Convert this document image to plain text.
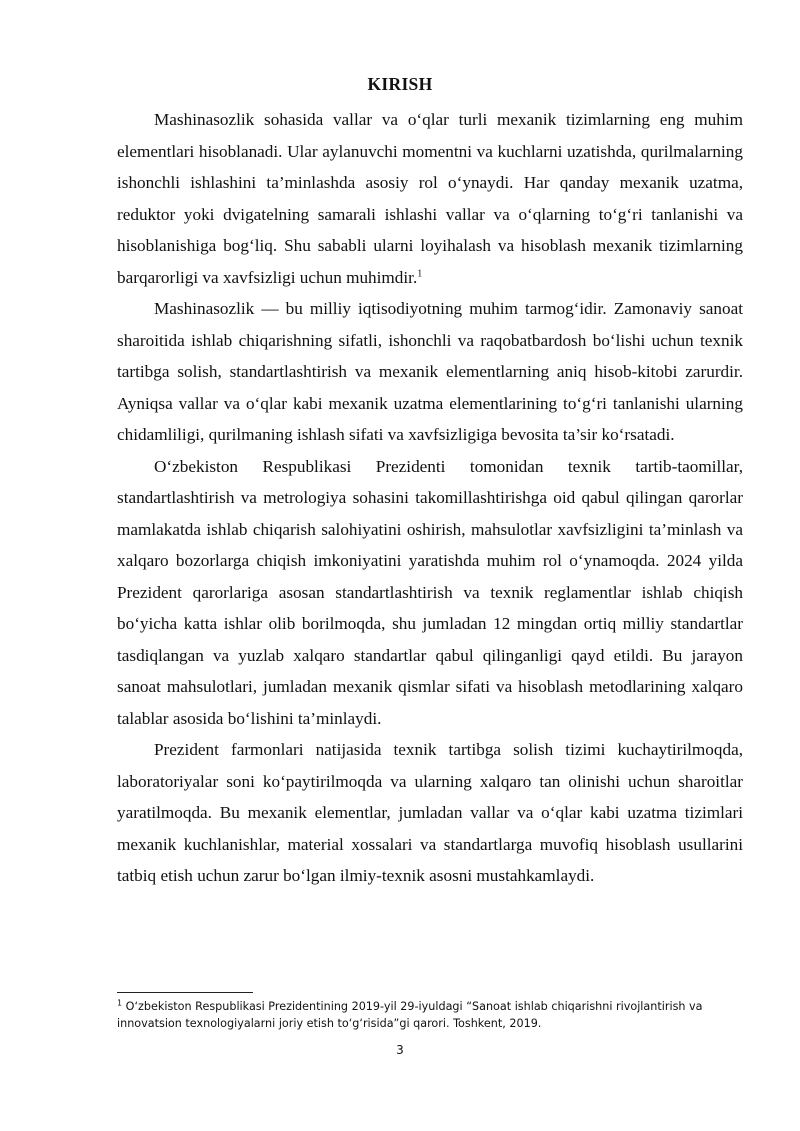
KIRISH

Mashinasozlik sohasida vallar va o‘qlar turli mexanik tizimlarning eng muhim elementlari hisoblanadi. Ular aylanuvchi momentni va kuchlarni uzatishda, qurilmalarning ishonchli ishlashini ta’minlashda asosiy rol o‘ynaydi. Har qanday mexanik uzatma, reduktor yoki dvigatelning samarali ishlashi vallar va o‘qlarning to‘g‘ri tanlanishi va hisoblanishiga bog‘liq. Shu sababli ularni loyihalash va hisoblash mexanik tizimlarning barqarorligi va xavfsizligi uchun muhimdir.$^1$

Mashinasozlik — bu milliy iqtisodiyotning muhim tarmog‘idir. Zamonaviy sanoat sharoitida ishlab chiqarishning sifatli, ishonchli va raqobatbardosh bo‘lishi uchun texnik tartibga solish, standartlashtirish va mexanik elementlarning aniq hisob-kitobi zarurdir. Ayniqsa vallar va o‘qlar kabi mexanik uzatma elementlarining to‘g‘ri tanlanishi ularning chidamliligi, qurilmaning ishlash sifati va xavfsizligiga bevosita ta’sir ko‘rsatadi.

O‘zbekiston Respublikasi Prezidenti tomonidan texnik tartib-taomillar, standartlashtirish va metrologiya sohasini takomillashtirishga oid qabul qilingan qarorlar mamlakatda ishlab chiqarish salohiyatini oshirish, mahsulotlar xavfsizligini ta’minlash va xalqaro bozorlarga chiqish imkoniyatini yaratishda muhim rol o‘ynamoqda. 2024 yilda Prezident qarorlariga asosan standartlashtirish va texnik reglamentlar ishlab chiqish bo‘yicha katta ishlar olib borilmoqda, shu jumladan 12 mingdan ortiq milliy standartlar tasdiqlangan va yuzlab xalqaro standartlar qabul qilinganligi qayd etildi. Bu jarayon sanoat mahsulotlari, jumladan mexanik qismlar sifati va hisoblash metodlarining xalqaro talablar asosida bo‘lishini ta’minlaydi.

Prezident farmonlari natijasida texnik tartibga solish tizimi kuchaytirilmoqda, laboratoriyalar soni ko‘paytirilmoqda va ularning xalqaro tan olinishi uchun sharoitlar yaratilmoqda. Bu mexanik elementlar, jumladan vallar va o‘qlar kabi uzatma tizimlari mexanik kuchlanishlar, material xossalari va standartlarga muvofiq hisoblash usullarini tatbiq etish uchun zarur bo‘lgan ilmiy-texnik asosni mustahkamlaydi.

$^1$ O‘zbekiston Respublikasi Prezidentining 2019-yil 29-iyuldagi “Sanoat ishlab chiqarishni rivojlantirish va innovatsion texnologiyalarni joriy etish to‘g‘risida”gi qarori. Toshkent, 2019.
3
